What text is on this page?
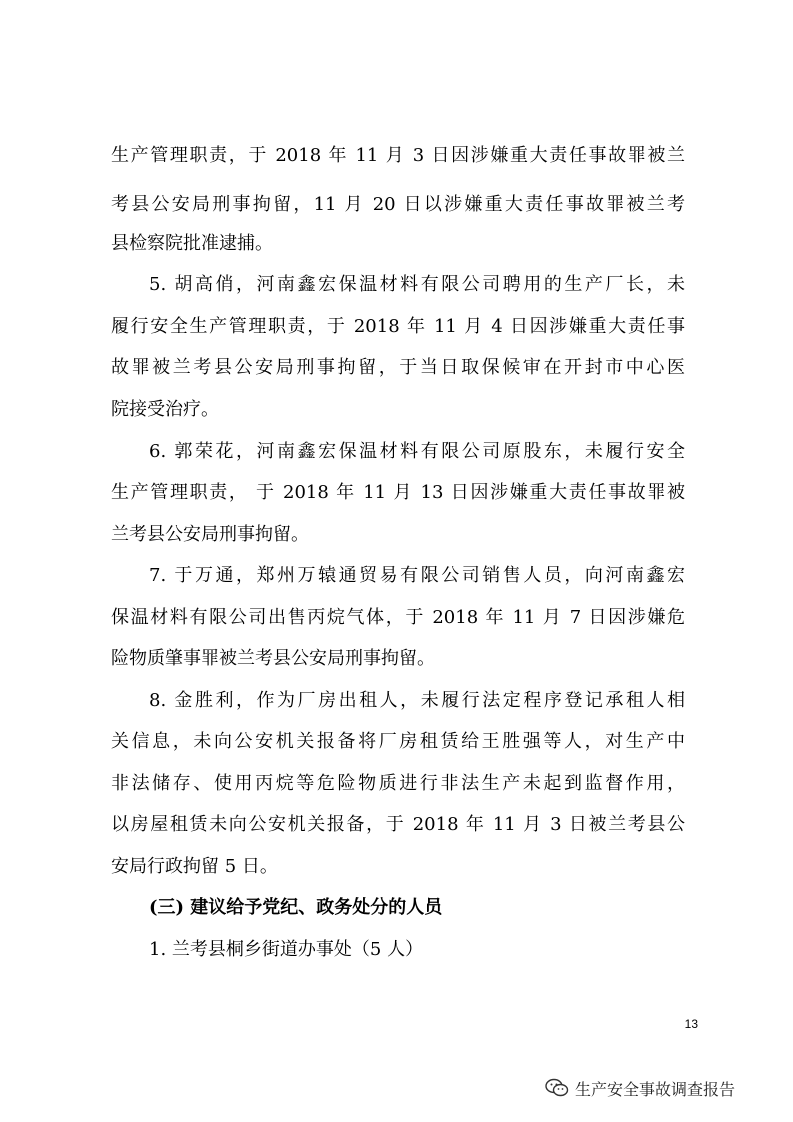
生产管理职责，于 2018 年 11 月 3 日因涉嫌重大责任事故罪被兰
考县公安局刑事拘留，11 月 20 日以涉嫌重大责任事故罪被兰考
县检察院批准逮捕。
5. 胡高俏，河南鑫宏保温材料有限公司聘用的生产厂长，未
履行安全生产管理职责，于 2018 年 11 月 4 日因涉嫌重大责任事
故罪被兰考县公安局刑事拘留，于当日取保候审在开封市中心医
院接受治疗。
6. 郭荣花，河南鑫宏保温材料有限公司原股东，未履行安全
生产管理职责， 于 2018 年 11 月 13 日因涉嫌重大责任事故罪被
兰考县公安局刑事拘留。
7. 于万通，郑州万辕通贸易有限公司销售人员，向河南鑫宏
保温材料有限公司出售丙烷气体，于 2018 年 11 月 7 日因涉嫌危
险物质肇事罪被兰考县公安局刑事拘留。
8. 金胜利，作为厂房出租人，未履行法定程序登记承租人相
关信息，未向公安机关报备将厂房租赁给王胜强等人，对生产中
非法储存、使用丙烷等危险物质进行非法生产未起到监督作用，
以房屋租赁未向公安机关报备，于 2018 年 11 月 3 日被兰考县公
安局行政拘留 5 日。
(三) 建议给予党纪、政务处分的人员
1. 兰考县桐乡街道办事处（5 人）
13
生产安全事故调查报告
